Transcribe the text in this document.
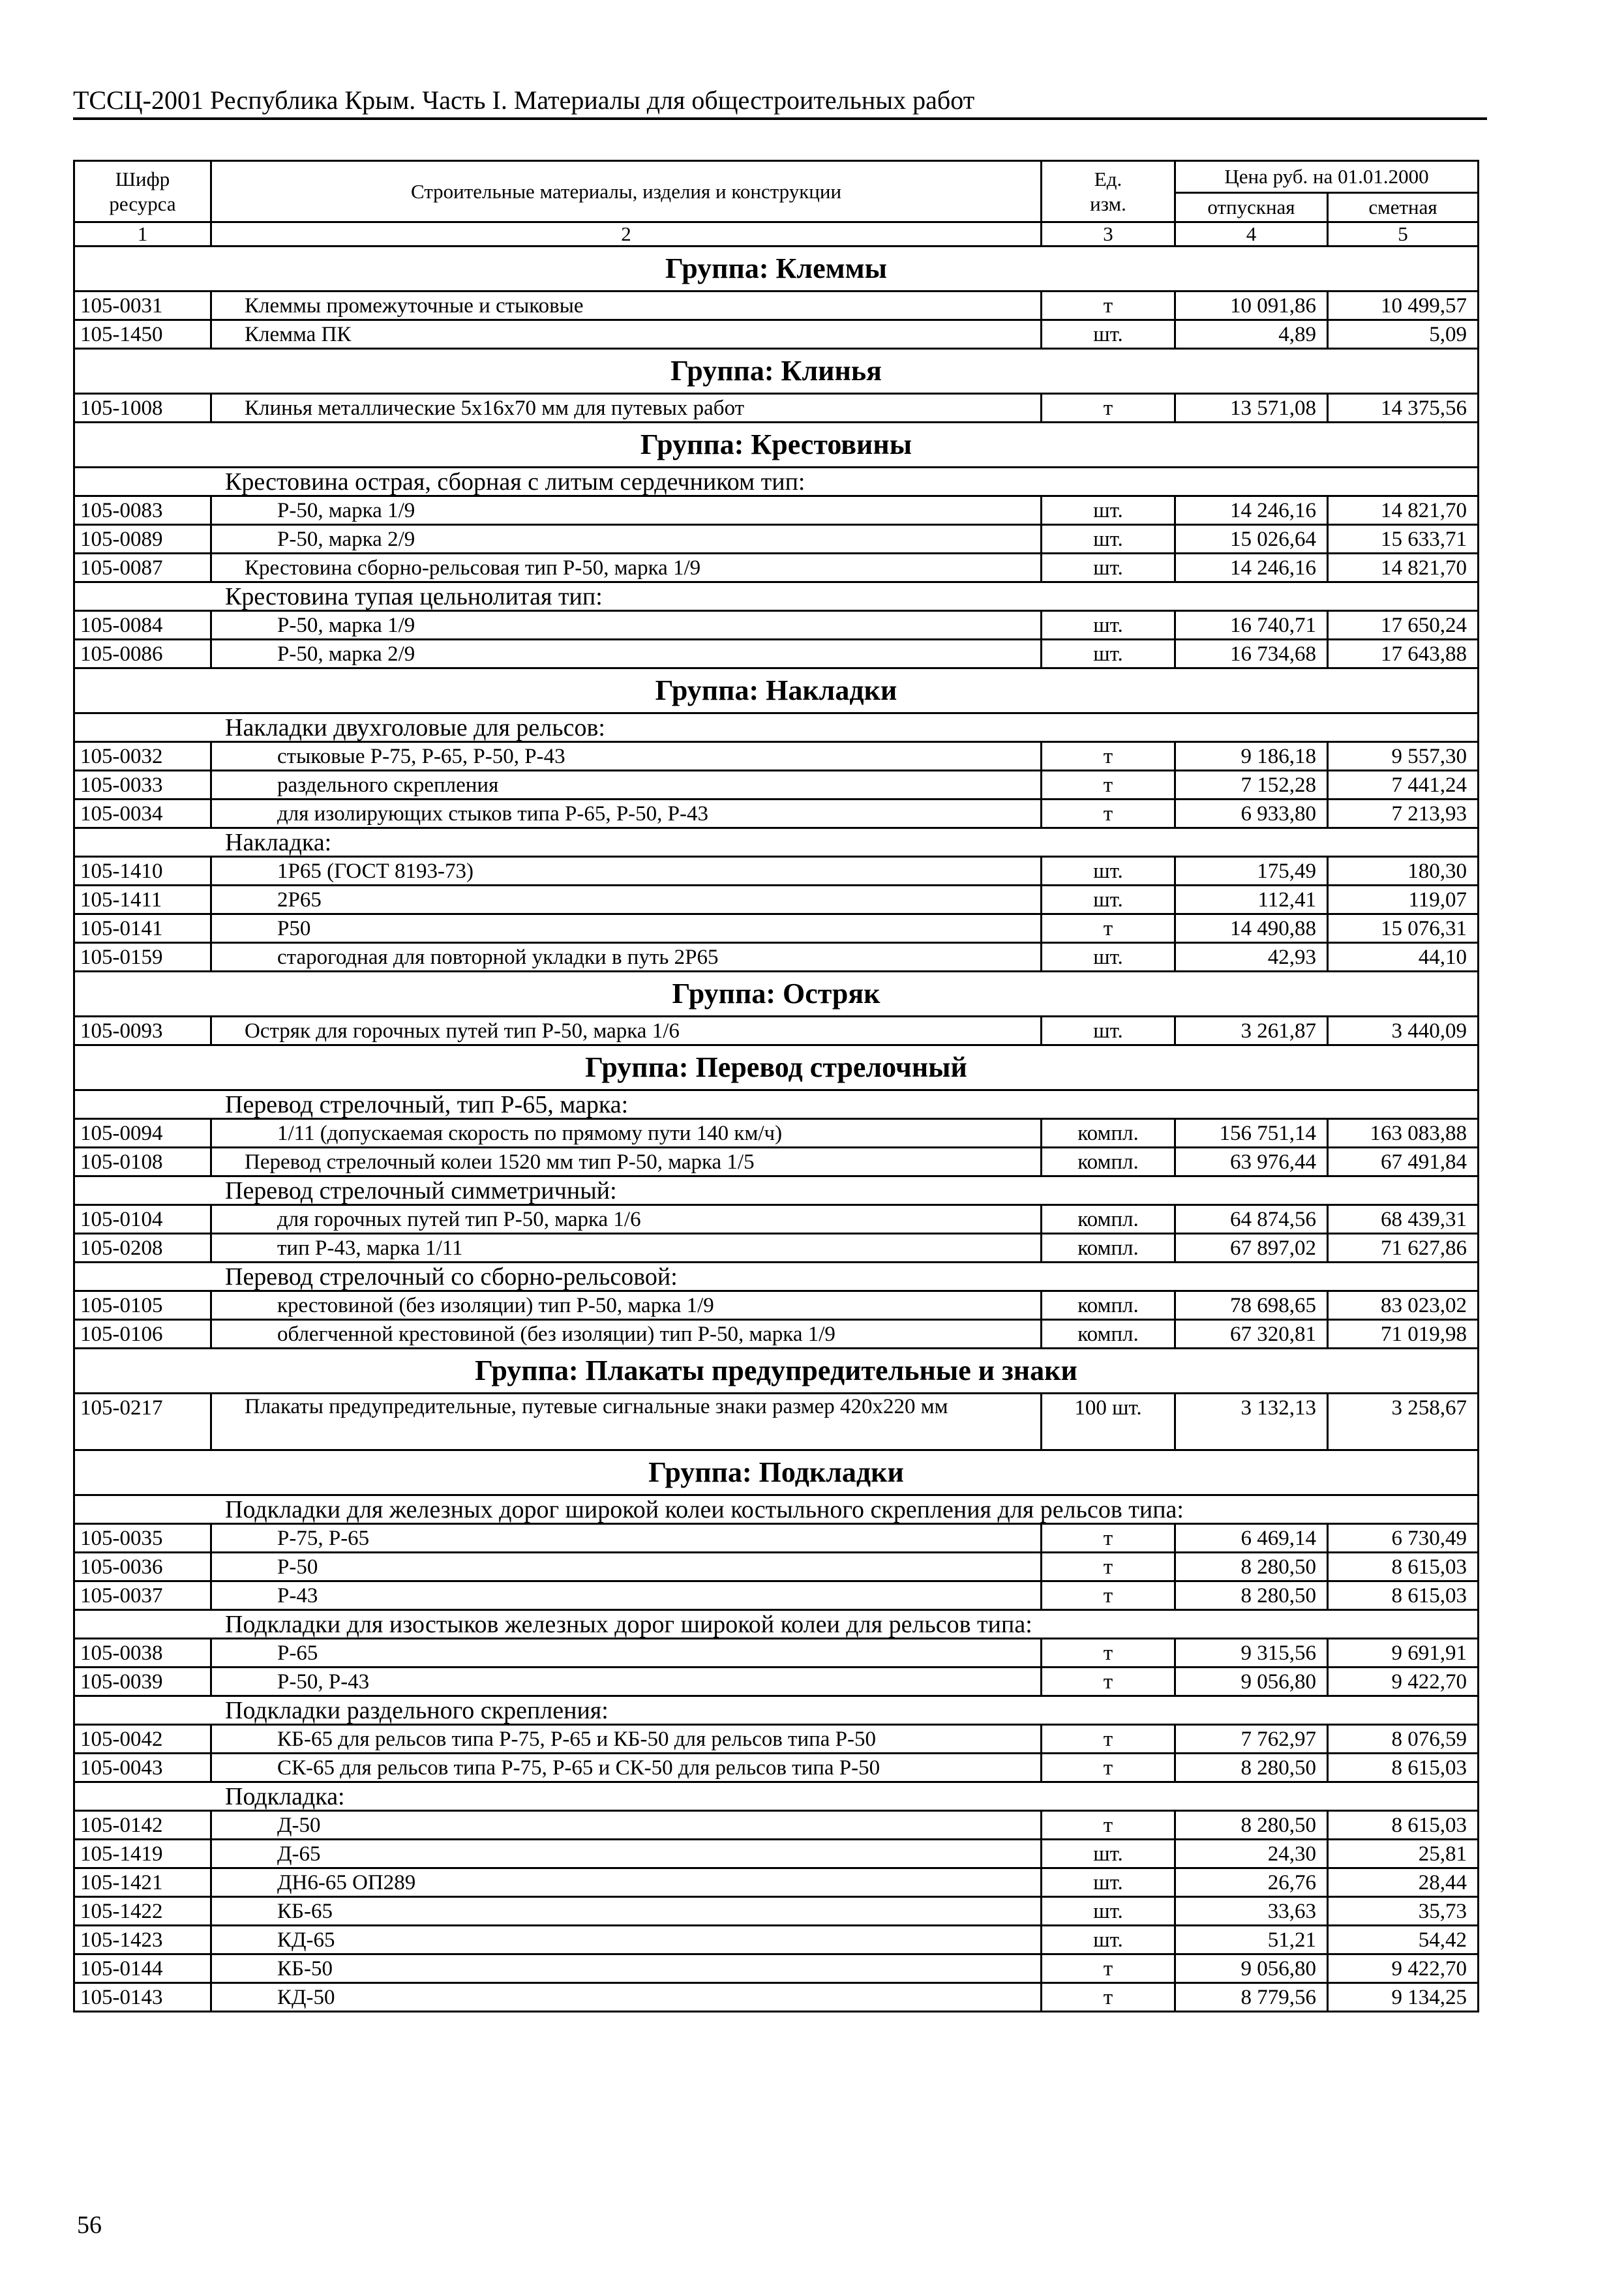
ТССЦ-2001 Республика Крым. Часть I. Материалы для общестроительных работ
Шифр ресурса	Строительные материалы, изделия и конструкции	Ед. изм.	Цена руб. на 01.01.2000	
			отпускная	сметная
1	2	3	4	5
Группа: Клеммы				
105-0031	Клеммы промежуточные и стыковые	т	10 091,86	10 499,57
105-1450	Клемма ПК	шт.	4,89	5,09
Группа: Клинья				
105-1008	Клинья металлические 5х16х70 мм для путевых работ	т	13 571,08	14 375,56
Группа: Крестовины				
Крестовина острая, сборная с литым сердечником тип:				
105-0083	Р-50, марка 1/9	шт.	14 246,16	14 821,70
105-0089	Р-50, марка 2/9	шт.	15 026,64	15 633,71
105-0087	Крестовина сборно-рельсовая тип Р-50, марка 1/9	шт.	14 246,16	14 821,70
Крестовина тупая цельнолитая тип:				
105-0084	Р-50, марка 1/9	шт.	16 740,71	17 650,24
105-0086	Р-50, марка 2/9	шт.	16 734,68	17 643,88
Группа: Накладки				
Накладки двухголовые для рельсов:				
105-0032	стыковые Р-75, Р-65, Р-50, Р-43	т	9 186,18	9 557,30
105-0033	раздельного скрепления	т	7 152,28	7 441,24
105-0034	для изолирующих стыков типа Р-65, Р-50, Р-43	т	6 933,80	7 213,93
Накладка:				
105-1410	1Р65 (ГОСТ 8193-73)	шт.	175,49	180,30
105-1411	2Р65	шт.	112,41	119,07
105-0141	Р50	т	14 490,88	15 076,31
105-0159	старогодная для повторной укладки в путь 2Р65	шт.	42,93	44,10
Группа: Остряк				
105-0093	Остряк для горочных путей тип Р-50, марка 1/6	шт.	3 261,87	3 440,09
Группа: Перевод стрелочный				
Перевод стрелочный, тип Р-65, марка:				
105-0094	1/11 (допускаемая скорость по прямому пути 140 км/ч)	компл.	156 751,14	163 083,88
105-0108	Перевод стрелочный колеи 1520 мм тип Р-50, марка 1/5	компл.	63 976,44	67 491,84
Перевод стрелочный симметричный:				
105-0104	для горочных путей тип Р-50, марка 1/6	компл.	64 874,56	68 439,31
105-0208	тип Р-43, марка 1/11	компл.	67 897,02	71 627,86
Перевод стрелочный со сборно-рельсовой:				
105-0105	крестовиной (без изоляции) тип Р-50, марка 1/9	компл.	78 698,65	83 023,02
105-0106	облегченной крестовиной (без изоляции) тип Р-50, марка 1/9	компл.	67 320,81	71 019,98
Группа: Плакаты предупредительные и знаки				
105-0217	Плакаты предупредительные, путевые сигнальные знаки размер 420х220 мм	100 шт.	3 132,13	3 258,67
Группа: Подкладки				
Подкладки для железных дорог широкой колеи костыльного скрепления для рельсов типа:				
105-0035	Р-75, Р-65	т	6 469,14	6 730,49
105-0036	Р-50	т	8 280,50	8 615,03
105-0037	Р-43	т	8 280,50	8 615,03
Подкладки для изостыков железных дорог широкой колеи для рельсов типа:				
105-0038	Р-65	т	9 315,56	9 691,91
105-0039	Р-50, Р-43	т	9 056,80	9 422,70
Подкладки раздельного скрепления:				
105-0042	КБ-65 для рельсов типа Р-75, Р-65 и КБ-50 для рельсов типа Р-50	т	7 762,97	8 076,59
105-0043	СК-65 для рельсов типа Р-75, Р-65 и СК-50 для рельсов типа Р-50	т	8 280,50	8 615,03
Подкладка:				
105-0142	Д-50	т	8 280,50	8 615,03
105-1419	Д-65	шт.	24,30	25,81
105-1421	ДН6-65 ОП289	шт.	26,76	28,44
105-1422	КБ-65	шт.	33,63	35,73
105-1423	КД-65	шт.	51,21	54,42
105-0144	КБ-50	т	9 056,80	9 422,70
105-0143	КД-50	т	8 779,56	9 134,25
56
